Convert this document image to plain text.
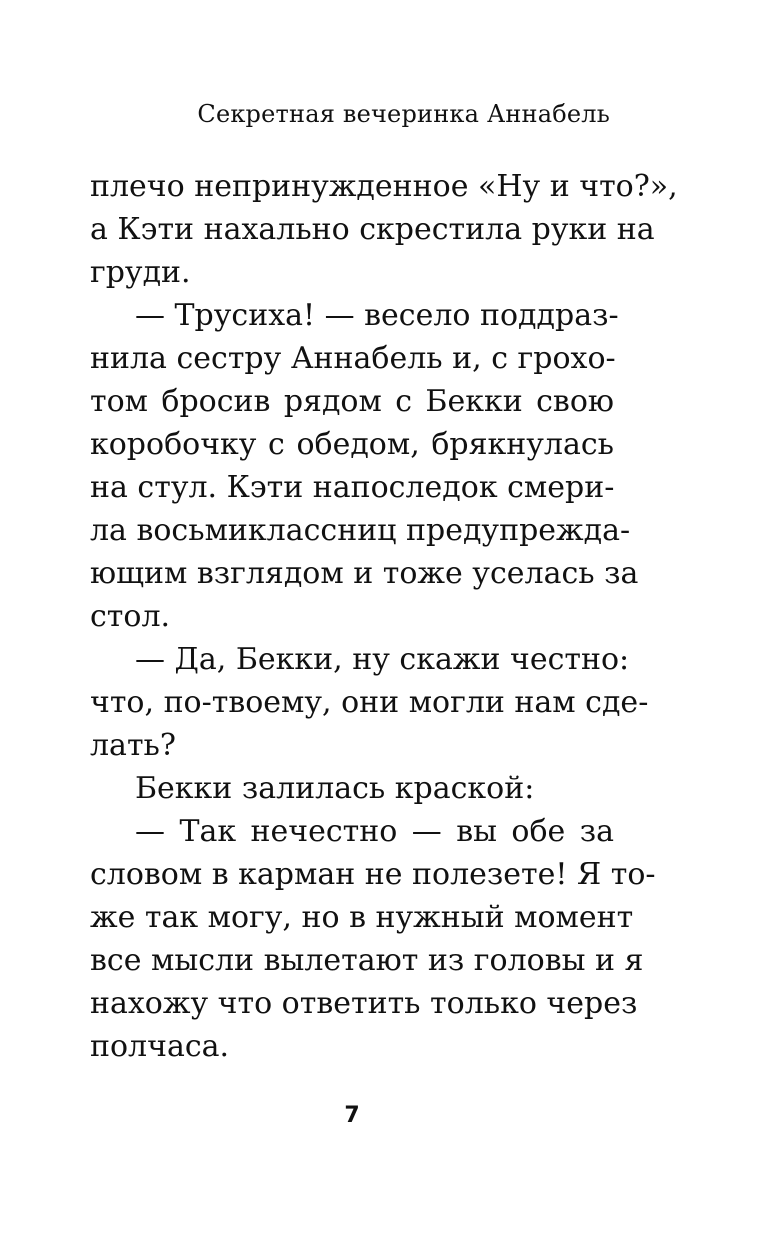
Секретная вечеринка Аннабель
плечо непринужденное «Ну и что?»,
а Кэти нахально скрестила руки на
груди.
— Трусиха! — весело поддраз-
нила сестру Аннабель и, с грохо-
том бросив рядом с Бекки свою
коробочку с обедом, брякнулась
на стул. Кэти напоследок смери-
ла восьмиклассниц предупрежда-
ющим взглядом и тоже уселась за
стол.
— Да, Бекки, ну скажи честно:
что, по-твоему, они могли нам сде-
лать?
Бекки залилась краской:
— Так нечестно — вы обе за
словом в карман не полезете! Я то-
же так могу, но в нужный момент
все мысли вылетают из головы и я
нахожу что ответить только через
полчаса.
7
